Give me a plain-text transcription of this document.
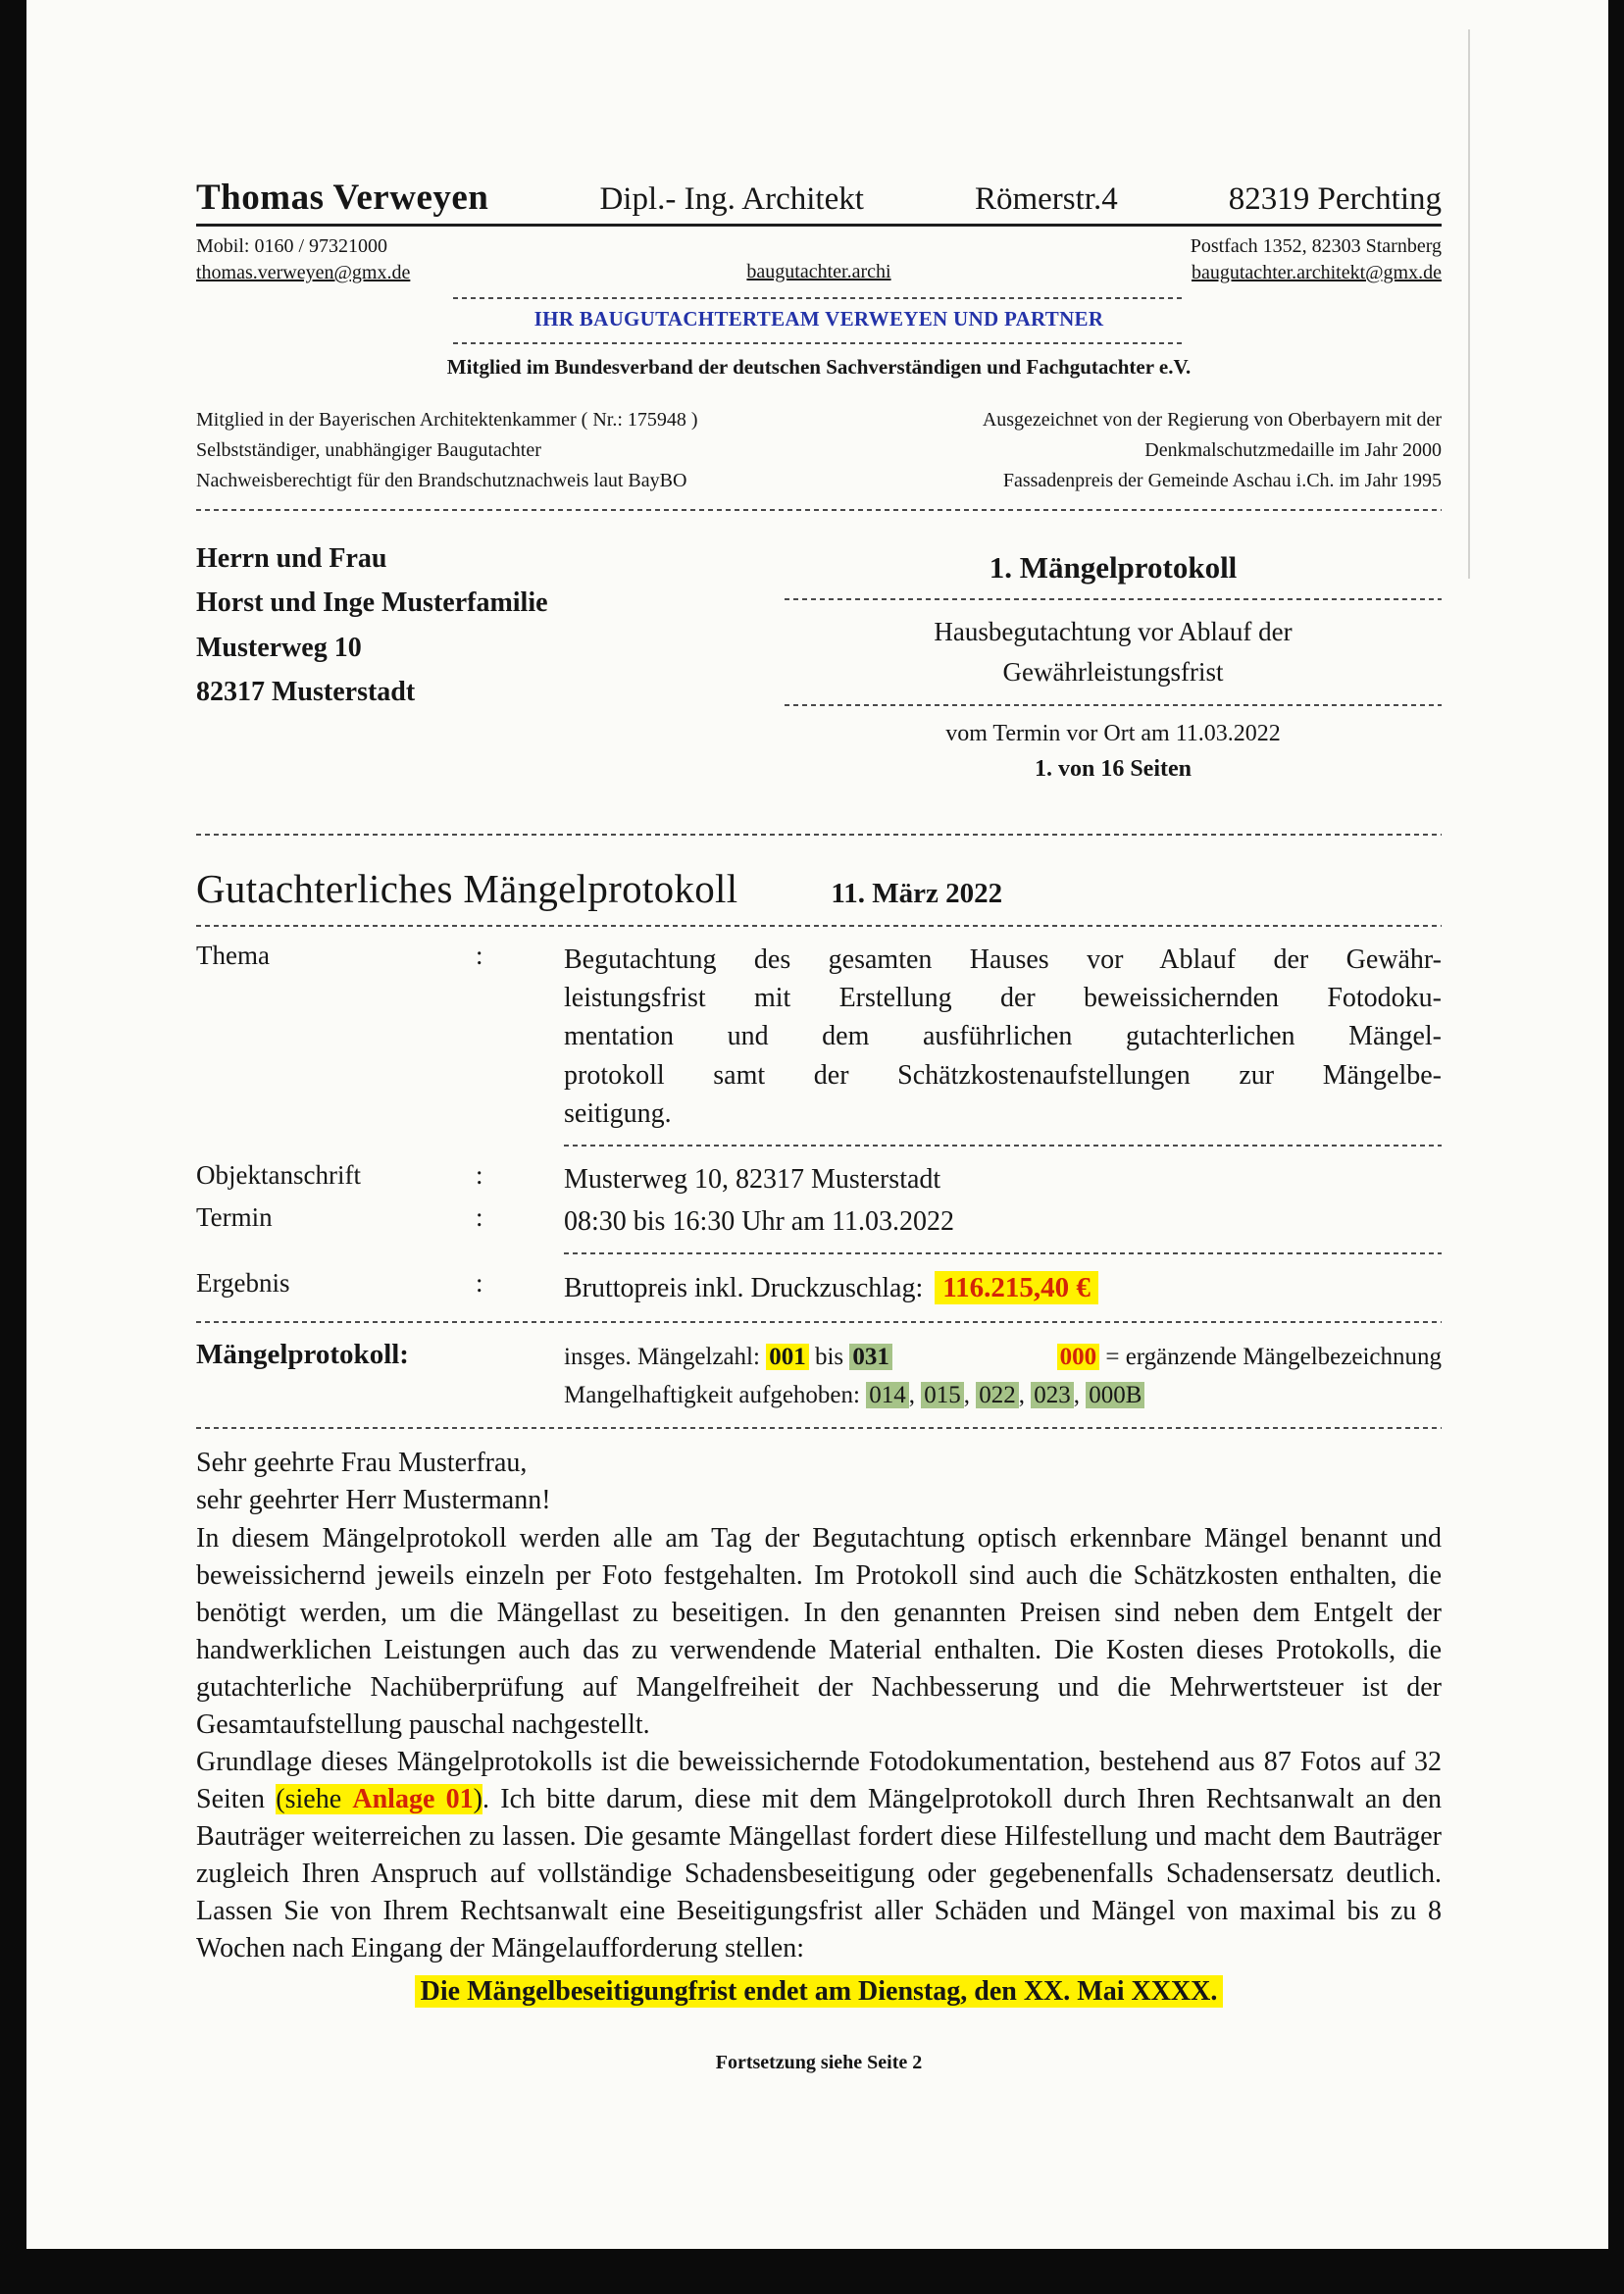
Thomas Verweyen	Dipl.- Ing. Architekt	Römerstr.4	82319 Perchting
Mobil: 0160 / 97321000
thomas.verweyen@gmx.de	baugutachter.archi
Postfach 1352, 82303 Starnberg
baugutachter.architekt@gmx.de
IHR BAUGUTACHTERTEAM VERWEYEN UND PARTNER
Mitglied im Bundesverband der deutschen Sachverständigen und Fachgutachter e.V.
Mitglied in der Bayerischen Architektenkammer ( Nr.: 175948 )
Selbstständiger, unabhängiger Baugutachter
Nachweisberechtigt für den Brandschutznachweis laut BayBO
Ausgezeichnet von der Regierung von Oberbayern mit der
Denkmalschutzmedaille im Jahr 2000
Fassadenpreis der Gemeinde Aschau i.Ch. im Jahr 1995
Herrn und Frau
Horst und Inge Musterfamilie
Musterweg 10
82317 Musterstadt
1. Mängelprotokoll
Hausbegutachtung vor Ablauf der
Gewährleistungsfrist
vom Termin vor Ort am 11.03.2022
1. von 16 Seiten
Gutachterliches Mängelprotokoll	11. März 2022
Thema	:	Begutachtung des gesamten Hauses vor Ablauf der Gewähr-
leistungsfrist mit Erstellung der beweissichernden Fotodoku-
mentation und dem ausführlichen gutachterlichen Mängel-
protokoll samt der Schätzkostenaufstellungen zur Mängelbe-
seitigung.
Objektanschrift	:	Musterweg 10, 82317 Musterstadt
Termin	:	08:30 bis 16:30 Uhr am 11.03.2022
Ergebnis	:	Bruttopreis inkl. Druckzuschlag: 116.215,40 €
Mängelprotokoll:	insges. Mängelzahl: 001 bis 031	000 = ergänzende Mängelbezeichnung
Mangelhaftigkeit aufgehoben: 014 , 015 , 022 , 023 , 000B
Sehr geehrte Frau Musterfrau,
sehr geehrter Herr Mustermann!
In diesem Mängelprotokoll werden alle am Tag der Begutachtung optisch erkennbare Mängel benannt und beweissichernd jeweils einzeln per Foto festgehalten. Im Protokoll sind auch die Schätzkosten enthalten, die benötigt werden, um die Mängellast zu beseitigen. In den genannten Preisen sind neben dem Entgelt der handwerklichen Leistungen auch das zu verwendende Material enthalten. Die Kosten dieses Protokolls, die gutachterliche Nachüberprüfung auf Mangelfreiheit der Nachbesserung und die Mehrwertsteuer ist der Gesamtaufstellung pauschal nachgestellt.
Grundlage dieses Mängelprotokolls ist die beweissichernde Fotodokumentation, bestehend aus 87 Fotos auf 32 Seiten (siehe Anlage 01). Ich bitte darum, diese mit dem Mängelprotokoll durch Ihren Rechtsanwalt an den Bauträger weiterreichen zu lassen. Die gesamte Mängellast fordert diese Hilfestellung und macht dem Bauträger zugleich Ihren Anspruch auf vollständige Schadensbeseitigung oder gegebenenfalls Schadensersatz deutlich. Lassen Sie von Ihrem Rechtsanwalt eine Beseitigungsfrist aller Schäden und Mängel von maximal bis zu 8 Wochen nach Eingang der Mängelaufforderung stellen:
Die Mängelbeseitigungfrist endet am Dienstag, den XX. Mai XXXX.
Fortsetzung siehe Seite 2
